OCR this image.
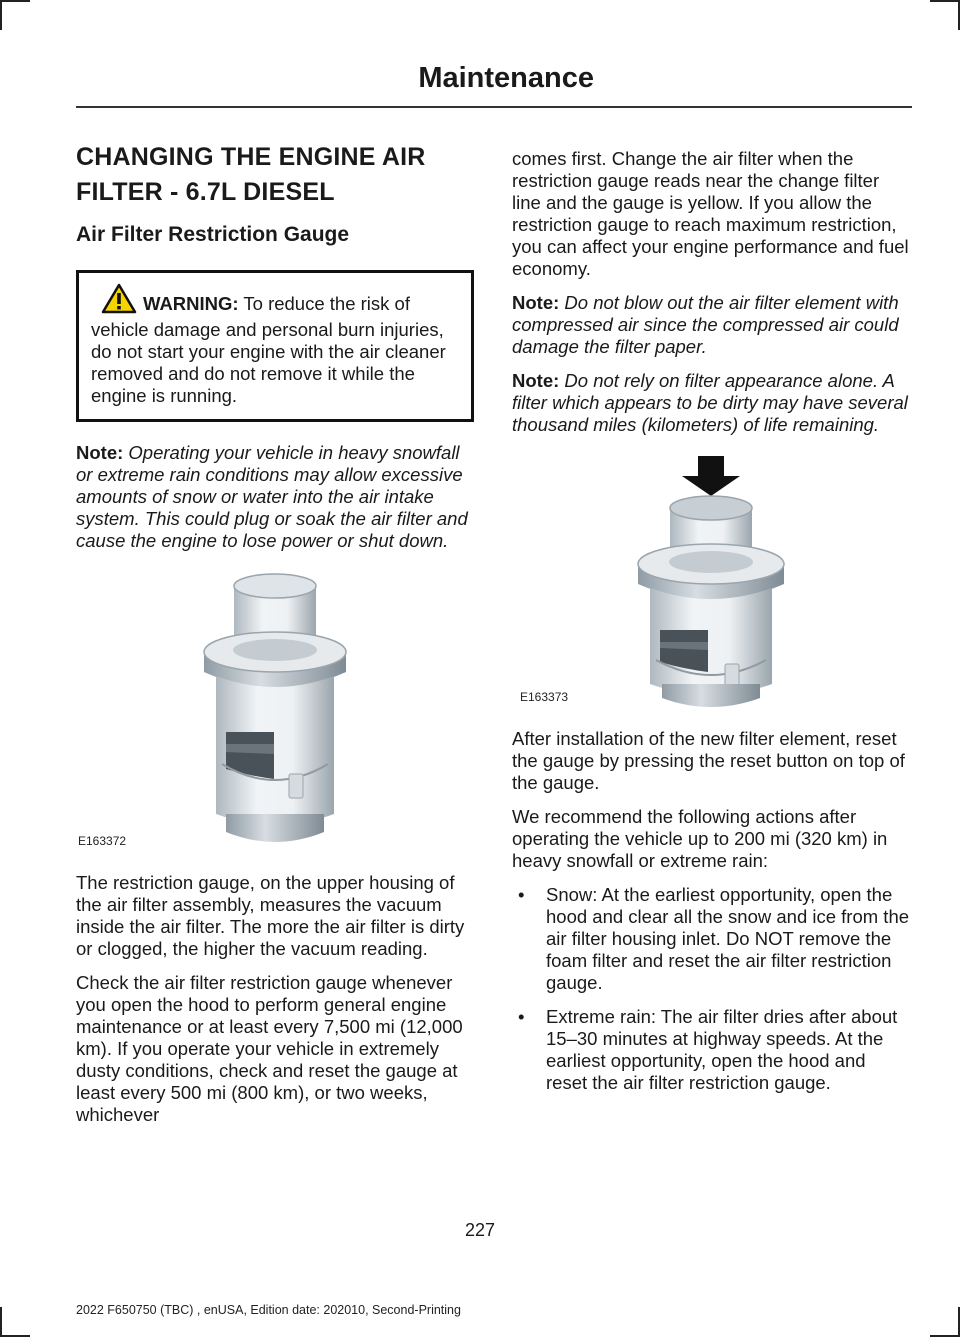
Maintenance
CHANGING THE ENGINE AIR FILTER - 6.7L DIESEL
Air Filter Restriction Gauge
WARNING: To reduce the risk of vehicle damage and personal burn injuries, do not start your engine with the air cleaner removed and do not remove it while the engine is running.

Note: Operating your vehicle in heavy snowfall or extreme rain conditions may allow excessive amounts of snow or water into the air intake system. This could plug or soak the air filter and cause the engine to lose power or shut down.

E163372

The restriction gauge, on the upper housing of the air filter assembly, measures the vacuum inside the air filter. The more the air filter is dirty or clogged, the higher the vacuum reading.

Check the air filter restriction gauge whenever you open the hood to perform general engine maintenance or at least every 7,500 mi (12,000 km). If you operate your vehicle in extremely dusty conditions, check and reset the gauge at least every 500 mi (800 km), or two weeks, whichever

comes first. Change the air filter when the restriction gauge reads near the change filter line and the gauge is yellow. If you allow the restriction gauge to reach maximum restriction, you can affect your engine performance and fuel economy.

Note: Do not blow out the air filter element with compressed air since the compressed air could damage the filter paper.

Note: Do not rely on filter appearance alone. A filter which appears to be dirty may have several thousand miles (kilometers) of life remaining.

E163373

After installation of the new filter element, reset the gauge by pressing the reset button on top of the gauge.

We recommend the following actions after operating the vehicle up to 200 mi (320 km) in heavy snowfall or extreme rain:

• Snow: At the earliest opportunity, open the hood and clear all the snow and ice from the air filter housing inlet. Do NOT remove the foam filter and reset the air filter restriction gauge.
• Extreme rain: The air filter dries after about 15–30 minutes at highway speeds. At the earliest opportunity, open the hood and reset the air filter restriction gauge.
227
2022 F650750 (TBC) , enUSA, Edition date: 202010, Second-Printing
